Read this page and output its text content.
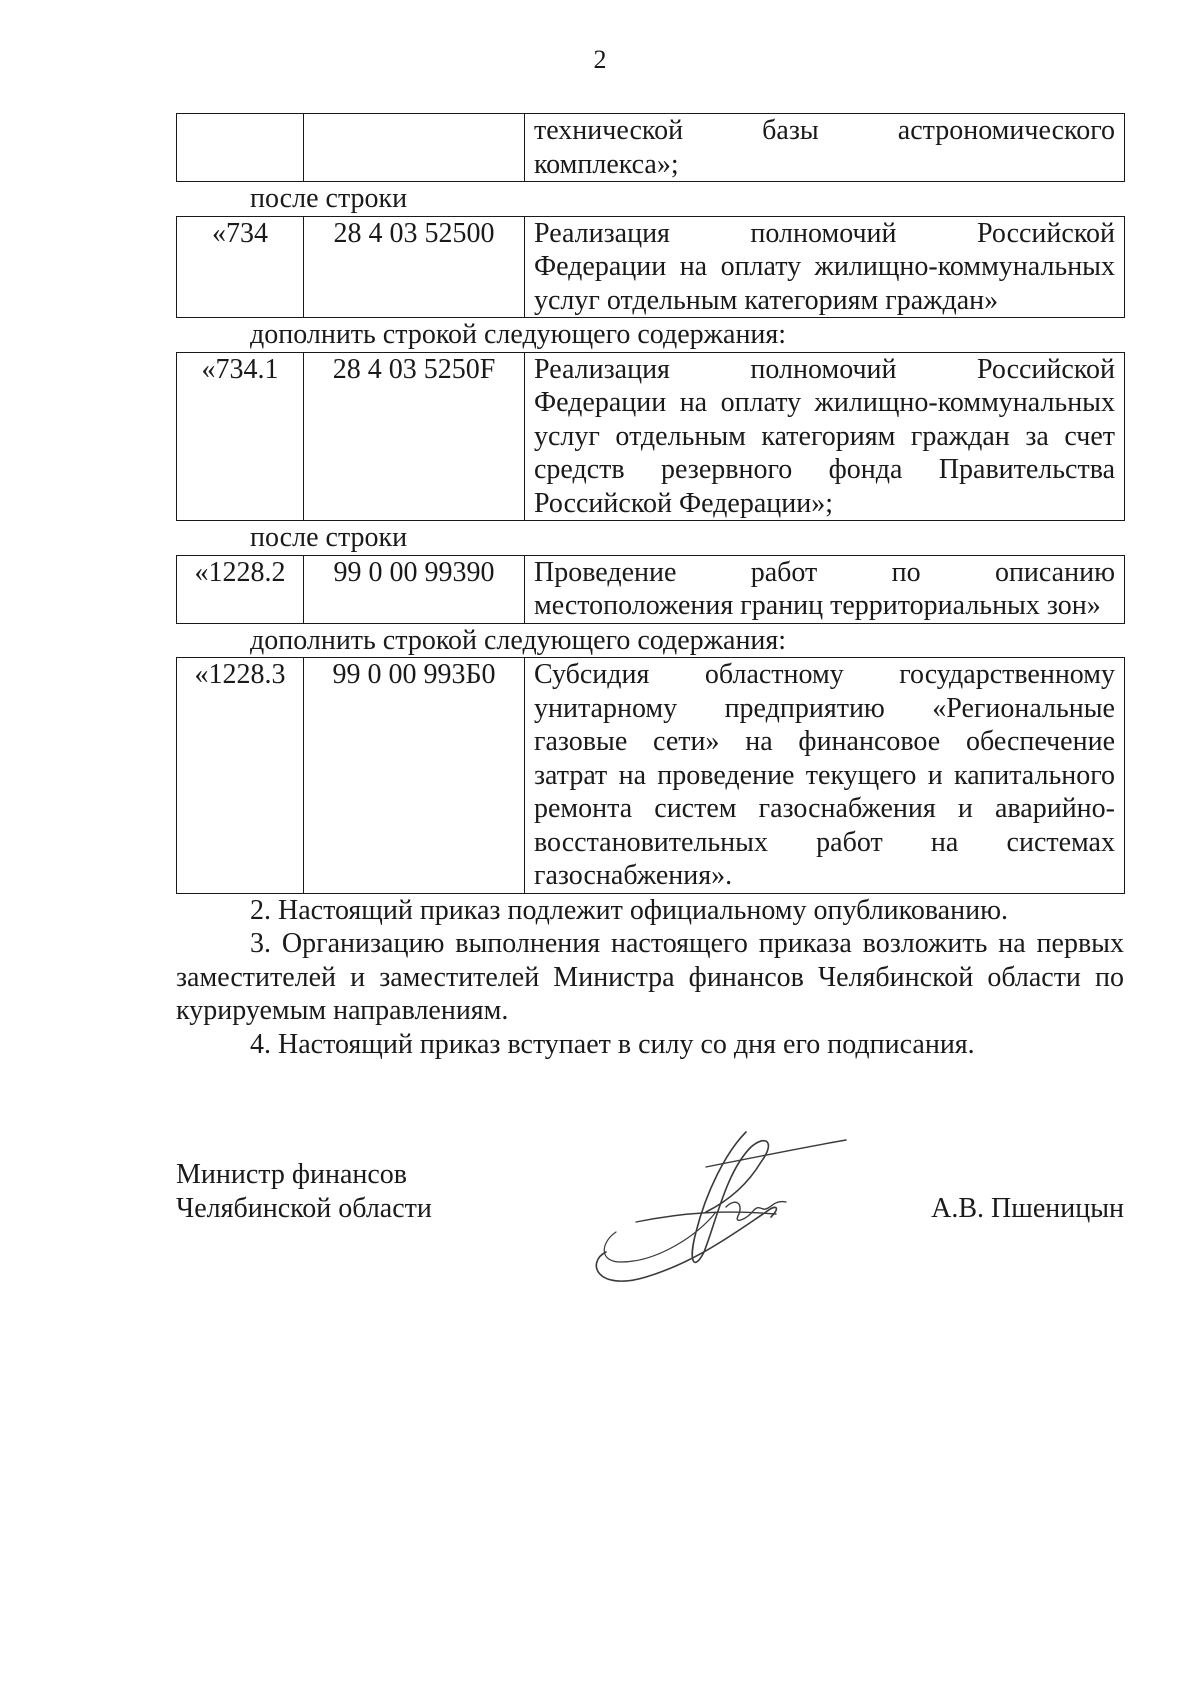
2

технической базы астрономического
комплекса»;
после строки
«734	28 4 03 52500	Реализация полномочий Российской
Федерации на оплату жилищно-коммунальных
услуг отдельным категориям граждан»
дополнить строкой следующего содержания:
«734.1	28 4 03 5250F	Реализация полномочий Российской
Федерации на оплату жилищно-коммунальных
услуг отдельным категориям граждан за счет
средств резервного фонда Правительства
Российской Федерации»;
после строки
«1228.2	99 0 00 99390	Проведение работ по описанию
местоположения границ территориальных зон»
дополнить строкой следующего содержания:
«1228.3	99 0 00 993Б0	Субсидия областному государственному
унитарному предприятию «Региональные
газовые сети» на финансовое обеспечение
затрат на проведение текущего и капитального
ремонта систем газоснабжения и аварийно-
восстановительных работ на системах
газоснабжения».
2. Настоящий приказ подлежит официальному опубликованию.
3. Организацию выполнения настоящего приказа возложить на первых
заместителей и заместителей Министра финансов Челябинской области по
курируемым направлениям.
4. Настоящий приказ вступает в силу со дня его подписания.
Министр финансов
Челябинской области	А.В. Пшеницын
